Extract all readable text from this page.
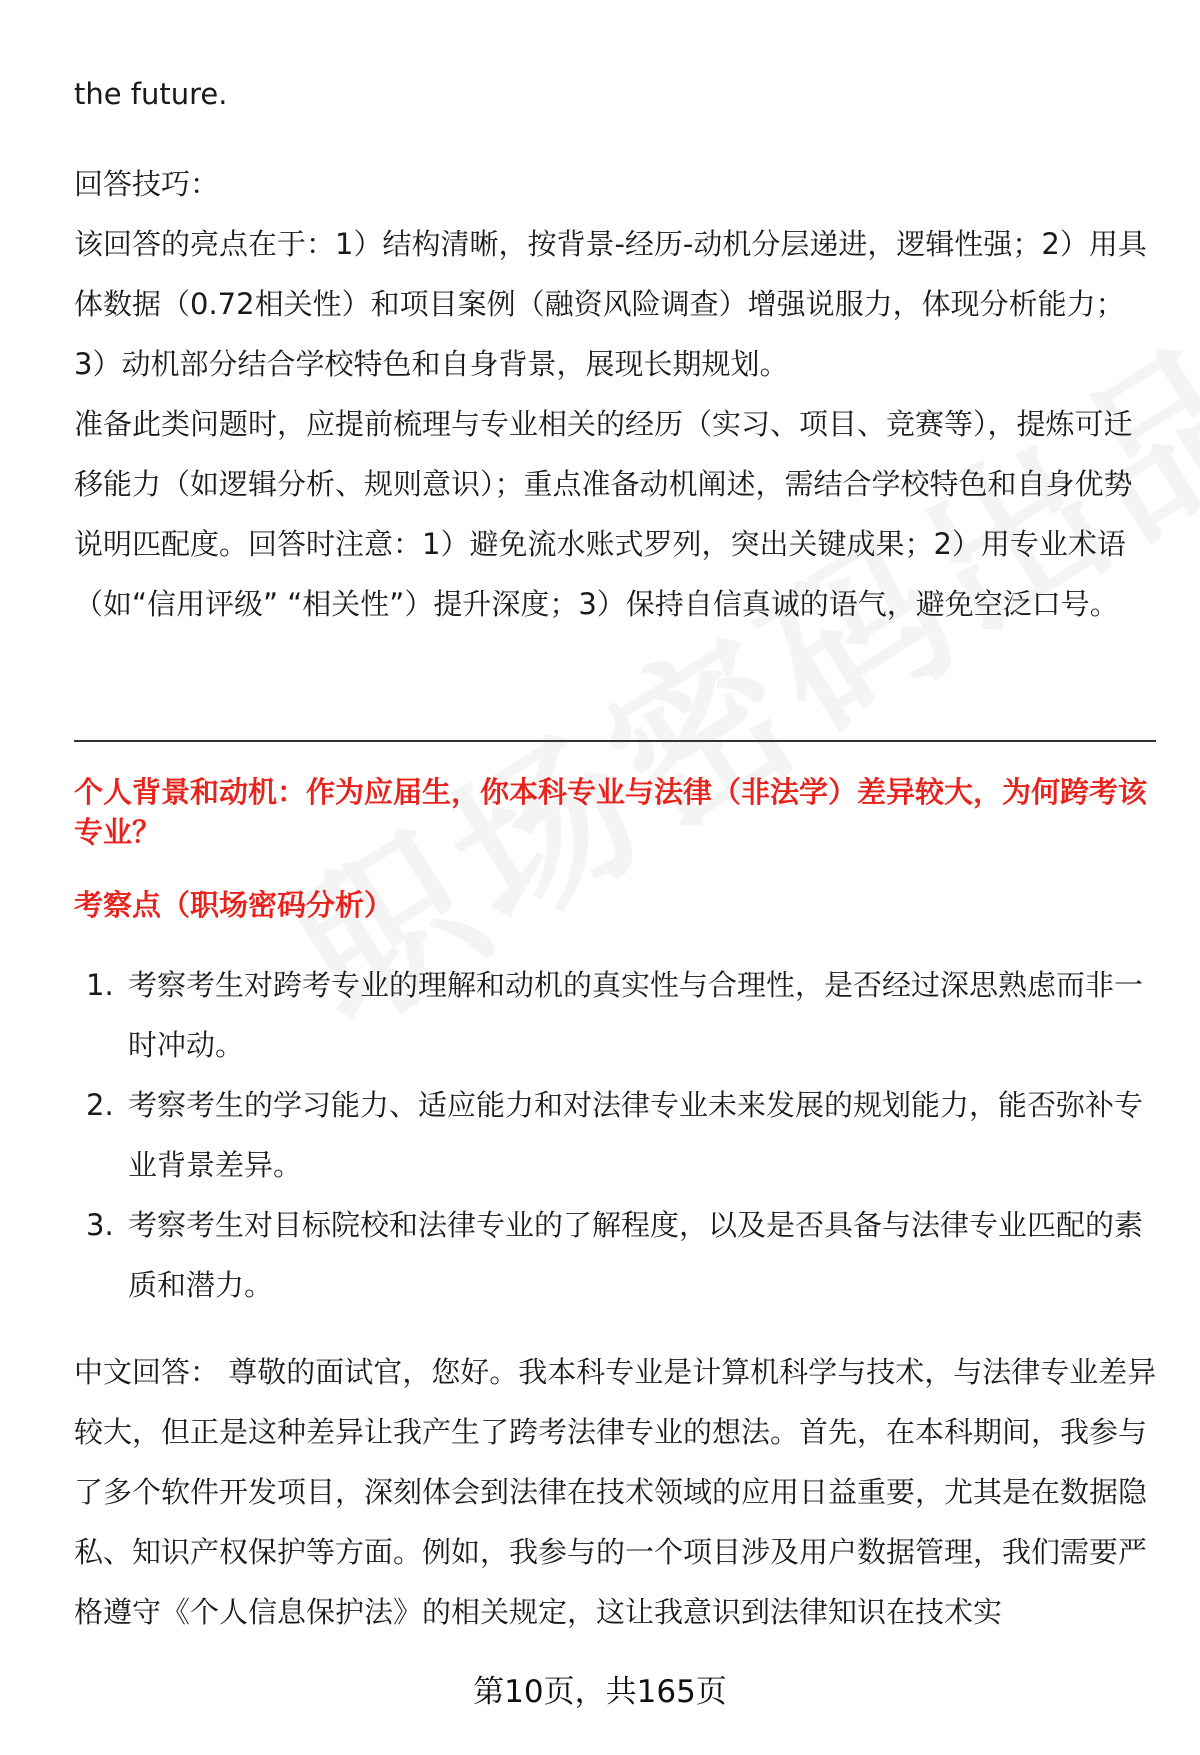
the future.

回答技巧：

该回答的亮点在于：1）结构清晰，按背景-经历-动机分层递进，逻辑性强；2）用具体数据（0.72相关性）和项目案例（融资风险调查）增强说服力，体现分析能力；3）动机部分结合学校特色和自身背景，展现长期规划。

准备此类问题时，应提前梳理与专业相关的经历（实习、项目、竞赛等），提炼可迁移能力（如逻辑分析、规则意识）；重点准备动机阐述，需结合学校特色和自身优势说明匹配度。回答时注意：1）避免流水账式罗列，突出关键成果；2）用专业术语（如“信用评级” “相关性”）提升深度；3）保持自信真诚的语气，避免空泛口号。

个人背景和动机：作为应届生，你本科专业与法律（非法学）差异较大，为何跨考该专业？

考察点（职场密码分析）

1. 考察考生对跨考专业的理解和动机的真实性与合理性，是否经过深思熟虑而非一时冲动。
2. 考察考生的学习能力、适应能力和对法律专业未来发展的规划能力，能否弥补专业背景差异。
3. 考察考生对目标院校和法律专业的了解程度，以及是否具备与法律专业匹配的素质和潜力。

中文回答： 尊敬的面试官，您好。我本科专业是计算机科学与技术，与法律专业差异较大，但正是这种差异让我产生了跨考法律专业的想法。首先，在本科期间，我参与了多个软件开发项目，深刻体会到法律在技术领域的应用日益重要，尤其是在数据隐私、知识产权保护等方面。例如，我参与的一个项目涉及用户数据管理，我们需要严格遵守《个人信息保护法》的相关规定，这让我意识到法律知识在技术实

第10页，共165页
